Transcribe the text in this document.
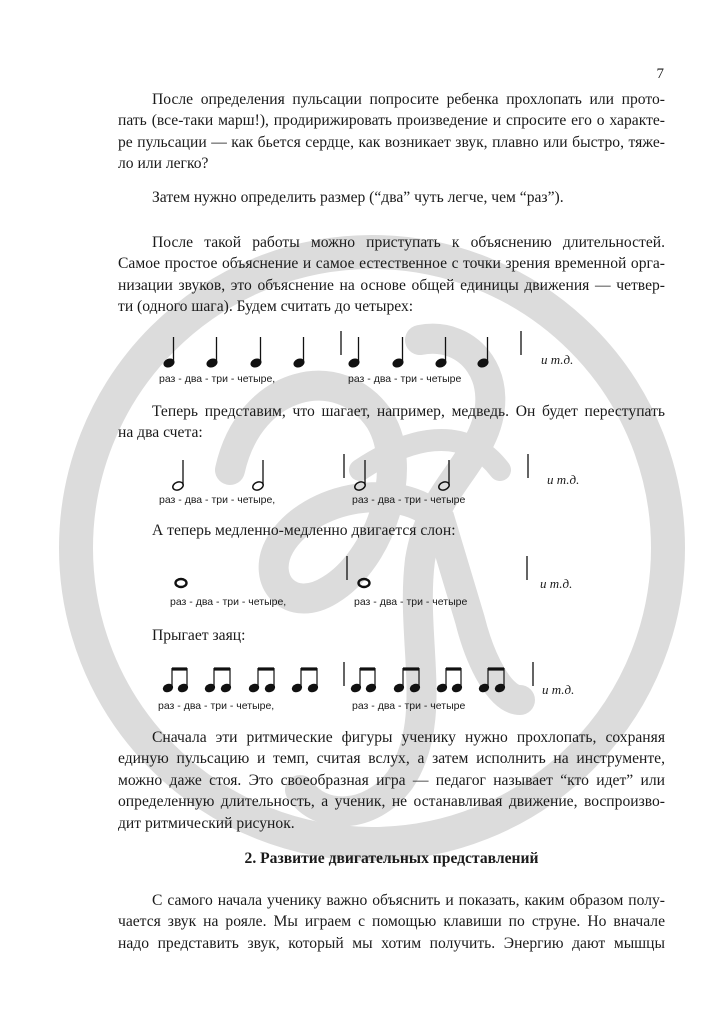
7

После определения пульсации попросите ребенка прохлопать или прото-
пать (все-таки марш!), продирижировать произведение и спросите его о характе-
ре пульсации — как бьется сердце, как возникает звук, плавно или быстро, тяже-
ло или легко?

Затем нужно определить размер (“два” чуть легче, чем “раз”).

После такой работы можно приступать к объяснению длительностей.
Самое простое объяснение и самое естественное с точки зрения временной орга-
низации звуков, это объяснение на основе общей единицы движения — четвер-
ти (одного шага). Будем считать до четырех:

раз - два - три - четыре,	раз - два - три - четыре
и т.д.

Теперь представим, что шагает, например, медведь. Он будет переступать
на два счета:

раз - два - три - четыре,	раз - два - три - четыре
и т.д.

А теперь медленно-медленно двигается слон:

раз - два - три - четыре,	раз - два - три - четыре
и т.д.

Прыгает заяц:

раз - два - три - четыре,	раз - два - три - четыре
и т.д.

Сначала эти ритмические фигуры ученику нужно прохлопать, сохраняя
единую пульсацию и темп, считая вслух, а затем исполнить на инструменте,
можно даже стоя. Это своеобразная игра — педагог называет “кто идет” или
определенную длительность, а ученик, не останавливая движение, воспроизво-
дит ритмический рисунок.

2. Развитие двигательных представлений

С самого начала ученику важно объяснить и показать, каким образом полу-
чается звук на рояле. Мы играем с помощью клавиши по струне. Но вначале
надо представить звук, который мы хотим получить. Энергию дают мышцы
